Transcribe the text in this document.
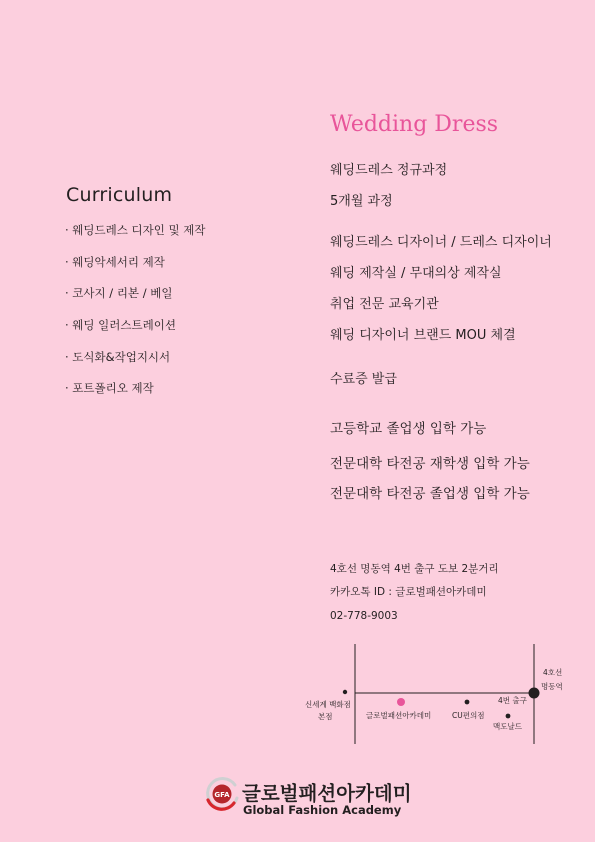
Curriculum
· 웨딩드레스 디자인 및 제작
· 웨딩악세서리 제작
· 코사지 / 리본 / 베일
· 웨딩 일러스트레이션
· 도식화&작업지시서
· 포트폴리오 제작
Wedding Dress
웨딩드레스 정규과정
5개월 과정
웨딩드레스 디자이너 / 드레스 디자이너
웨딩 제작실 / 무대의상 제작실
취업 전문 교육기관
웨딩 디자이너 브랜드 MOU 체결
수료증 발급
고등학교 졸업생 입학 가능
전문대학 타전공 재학생 입학 가능
전문대학 타전공 졸업생 입학 가능
4호선 명동역 4번 출구 도보 2분거리
카카오톡 ID : 글로벌패션아카데미
02-778-9003
4호선
명동역
4번 출구
신세계 백화점
본점	글로벌패션아카데미	CU편의점
맥도날드
GFA 글로벌패션아카데미
Global Fashion Academy
